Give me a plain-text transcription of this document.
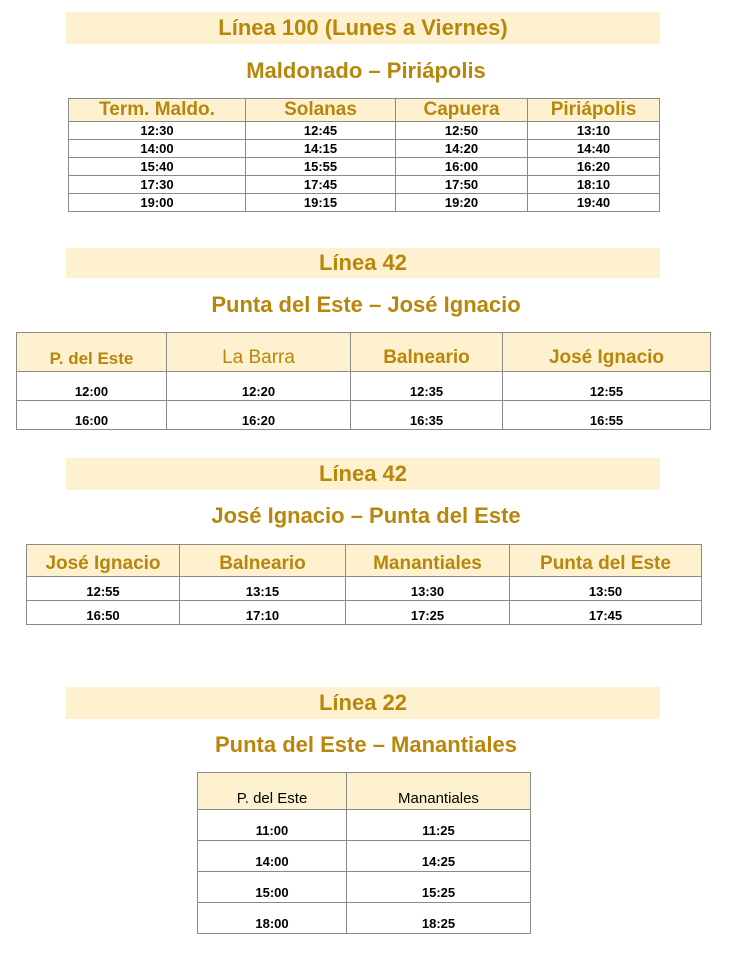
Línea 100 (Lunes a Viernes)
Maldonado – Piriápolis
Term. Maldo.	Solanas	Capuera	Piriápolis
12:30	12:45	12:50	13:10
14:00	14:15	14:20	14:40
15:40	15:55	16:00	16:20
17:30	17:45	17:50	18:10
19:00	19:15	19:20	19:40
Línea 42
Punta del Este – José Ignacio
P. del Este	La Barra	Balneario	José Ignacio
12:00	12:20	12:35	12:55
16:00	16:20	16:35	16:55
Línea 42
José Ignacio – Punta del Este
José Ignacio	Balneario	Manantiales	Punta del Este
12:55	13:15	13:30	13:50
16:50	17:10	17:25	17:45
Línea 22
Punta del Este – Manantiales
P. del Este	Manantiales
11:00	11:25
14:00	14:25
15:00	15:25
18:00	18:25
